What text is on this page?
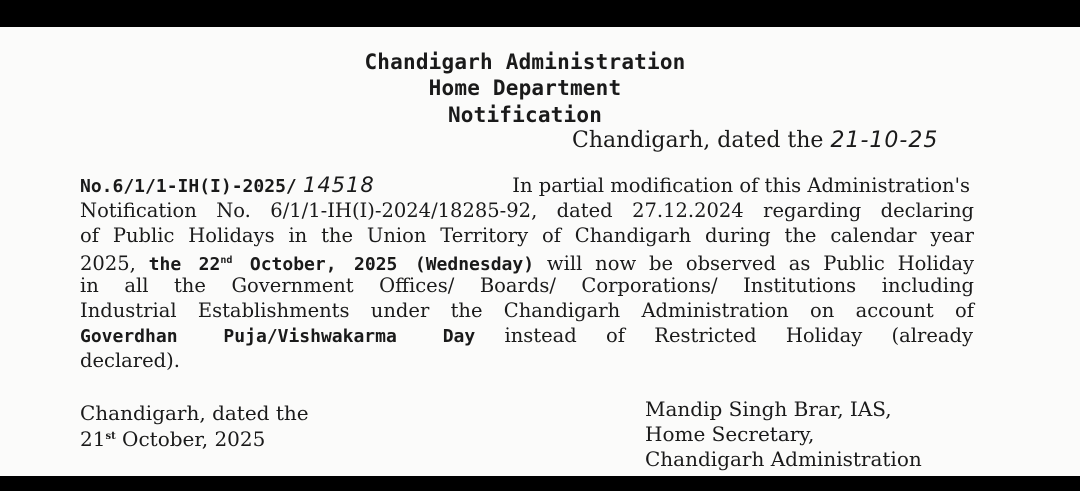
Chandigarh Administration
Home Department
Notification
Chandigarh, dated the 21-10-25
No.6/1/1-IH(I)-2025/ 14518	In partial modification of this Administration's
Notification No. 6/1/1-IH(I)-2024/18285-92, dated 27.12.2024 regarding declaring
of Public Holidays in the Union Territory of Chandigarh during the calendar year
2025, the 22nd October, 2025 (Wednesday) will now be observed as Public Holiday
in all the Government Offices/ Boards/ Corporations/ Institutions including
Industrial Establishments under the Chandigarh Administration on account of
Goverdhan Puja/Vishwakarma Day instead of Restricted Holiday (already
declared).
Chandigarh, dated the
21st October, 2025
Mandip Singh Brar, IAS,
Home Secretary,
Chandigarh Administration
